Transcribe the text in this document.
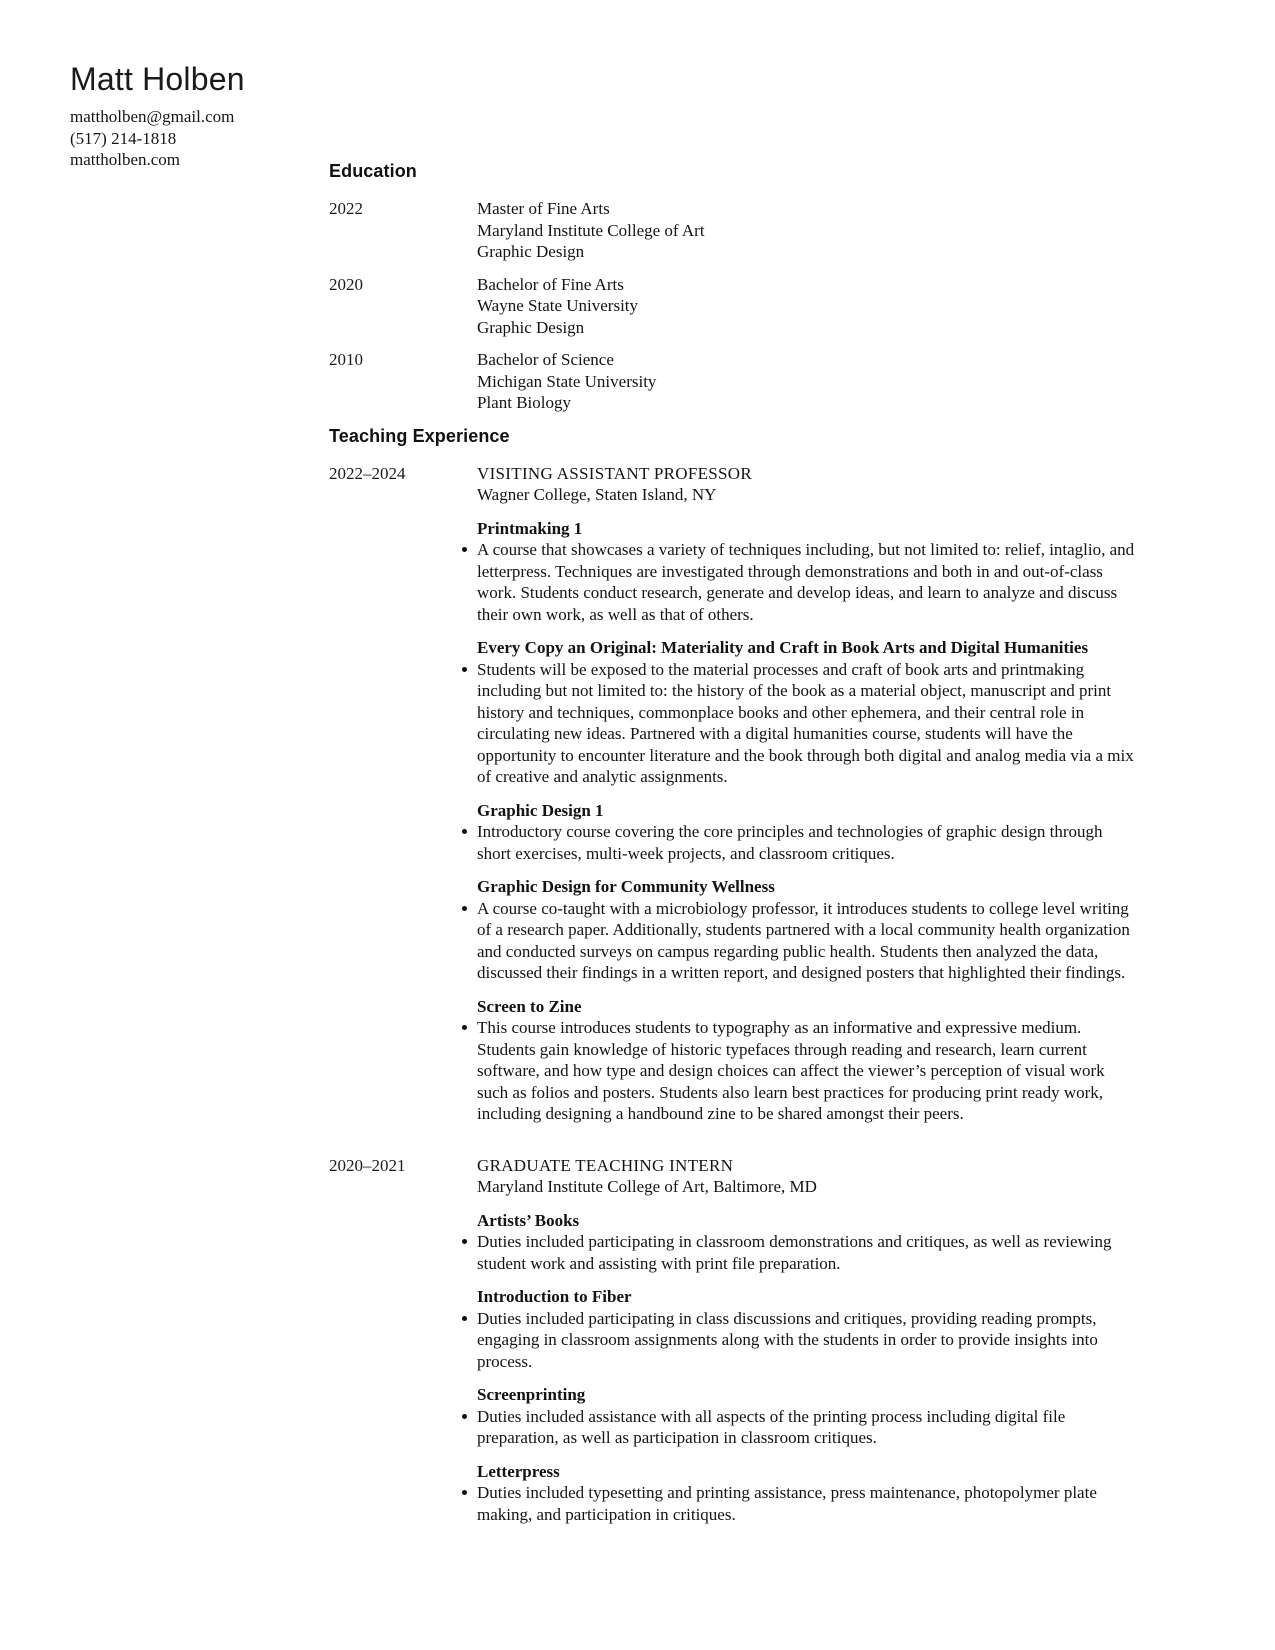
Matt Holben
mattholben@gmail.com
(517) 214-1818
mattholben.com
Education
2022	Master of Fine Arts
Maryland Institute College of Art
Graphic Design
2020	Bachelor of Fine Arts
Wayne State University
Graphic Design
2010	Bachelor of Science
Michigan State University
Plant Biology
Teaching Experience
2022–2024	VISITING ASSISTANT PROFESSOR
Wagner College, Staten Island, NY
Printmaking 1
A course that showcases a variety of techniques including, but not limited to: relief, intaglio, and letterpress. Techniques are investigated through demonstrations and both in and out-of-class work. Students conduct research, generate and develop ideas, and learn to analyze and discuss their own work, as well as that of others.
Every Copy an Original: Materiality and Craft in Book Arts and Digital Humanities
Students will be exposed to the material processes and craft of book arts and printmaking including but not limited to: the history of the book as a material object, manuscript and print history and techniques, commonplace books and other ephemera, and their central role in circulating new ideas. Partnered with a digital humanities course, students will have the opportunity to encounter literature and the book through both digital and analog media via a mix of creative and analytic assignments.
Graphic Design 1
Introductory course covering the core principles and technologies of graphic design through short exercises, multi-week projects, and classroom critiques.
Graphic Design for Community Wellness
A course co-taught with a microbiology professor, it introduces students to college level writing of a research paper. Additionally, students partnered with a local community health organization and conducted surveys on campus regarding public health. Students then analyzed the data, discussed their findings in a written report, and designed posters that highlighted their findings.
Screen to Zine
This course introduces students to typography as an informative and expressive medium. Students gain knowledge of historic typefaces through reading and research, learn current software, and how type and design choices can affect the viewer’s perception of visual work such as folios and posters. Students also learn best practices for producing print ready work, including designing a handbound zine to be shared amongst their peers.
2020–2021	GRADUATE TEACHING INTERN
Maryland Institute College of Art, Baltimore, MD
Artists’ Books
Duties included participating in classroom demonstrations and critiques, as well as reviewing student work and assisting with print file preparation.
Introduction to Fiber
Duties included participating in class discussions and critiques, providing reading prompts, engaging in classroom assignments along with the students in order to provide insights into process.
Screenprinting
Duties included assistance with all aspects of the printing process including digital file preparation, as well as participation in classroom critiques.
Letterpress
Duties included typesetting and printing assistance, press maintenance, photopolymer plate making, and participation in critiques.
